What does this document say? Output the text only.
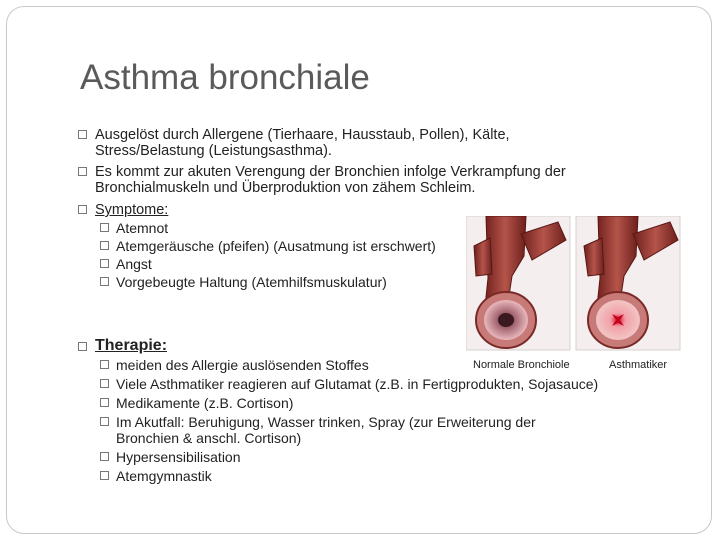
Asthma bronchiale
Ausgelöst durch Allergene (Tierhaare, Hausstaub, Pollen), Kälte,
Stress/Belastung (Leistungsasthma).
Es kommt zur akuten Verengung der Bronchien infolge Verkrampfung der
Bronchialmuskeln und Überproduktion von zähem Schleim.
Symptome:
Atemnot
Atemgeräusche (pfeifen) (Ausatmung ist erschwert)
Angst
Vorgebeugte Haltung (Atemhilfsmuskulatur)
Therapie:
Normale Bronchiole	Asthmatiker
meiden des Allergie auslösenden Stoffes
Viele Asthmatiker reagieren auf Glutamat (z.B. in Fertigprodukten, Sojasauce)
Medikamente (z.B. Cortison)
Im Akutfall: Beruhigung, Wasser trinken, Spray (zur Erweiterung der
Bronchien & anschl. Cortison)
Hypersensibilisation
Atemgymnastik
